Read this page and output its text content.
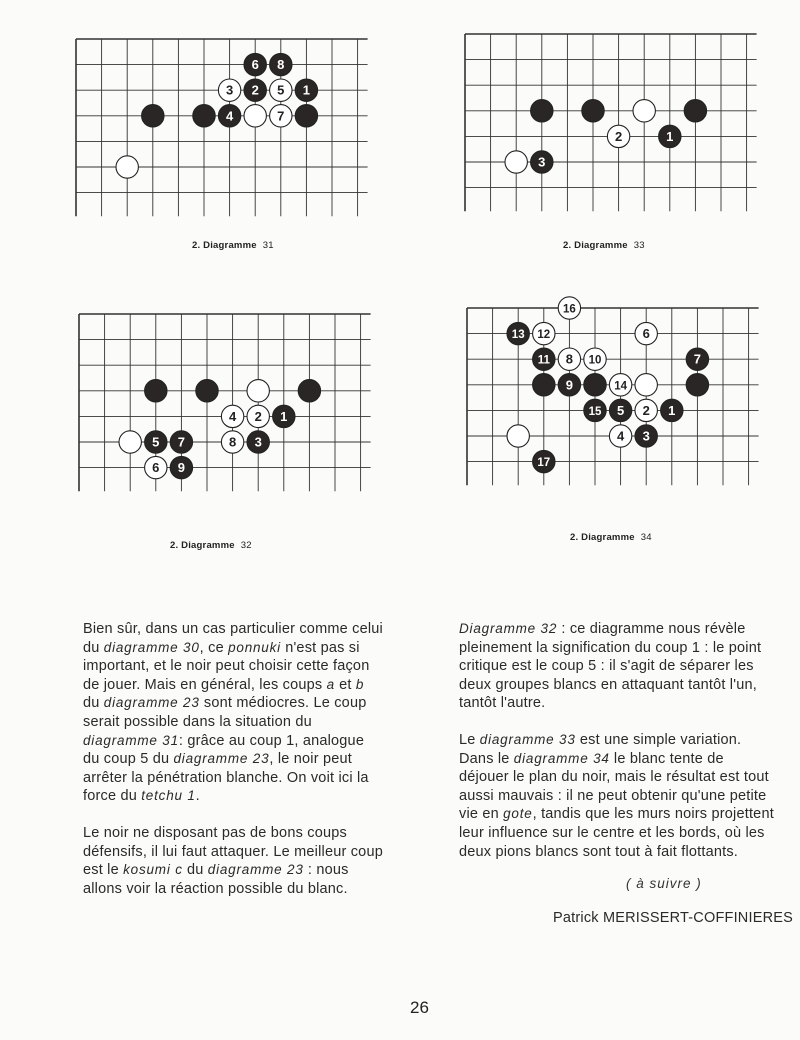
6 8
3 2 5 1
4	7
2. Diagramme 31
2	1
3
2. Diagramme 33
4 2 1
5 7	8 3
6 9
2. Diagramme 32
16
13 12	6
11 8 10	7
9	14
15 5 2 1
4 3
17
2. Diagramme 34

Bien sûr, dans un cas particulier comme celui du diagramme 30, ce ponnuki n'est pas si important, et le noir peut choisir cette façon de jouer. Mais en général, les coups a et b du diagramme 23 sont médiocres. Le coup serait possible dans la situation du diagramme 31: grâce au coup 1, analogue du coup 5 du diagramme 23, le noir peut arrêter la pénétration blanche. On voit ici la force du tetchu 1.

Le noir ne disposant pas de bons coups défensifs, il lui faut attaquer. Le meilleur coup est le kosumi c du diagramme 23 : nous allons voir la réaction possible du blanc.

Diagramme 32 : ce diagramme nous révèle pleinement la signification du coup 1 : le point critique est le coup 5 : il s'agit de séparer les deux groupes blancs en attaquant tantôt l'un, tantôt l'autre.

Le diagramme 33 est une simple variation. Dans le diagramme 34 le blanc tente de déjouer le plan du noir, mais le résultat est tout aussi mauvais : il ne peut obtenir qu'une petite vie en gote, tandis que les murs noirs projettent leur influence sur le centre et les bords, où les deux pions blancs sont tout à fait flottants.

( à suivre )
Patrick MERISSERT-COFFINIERES
26
